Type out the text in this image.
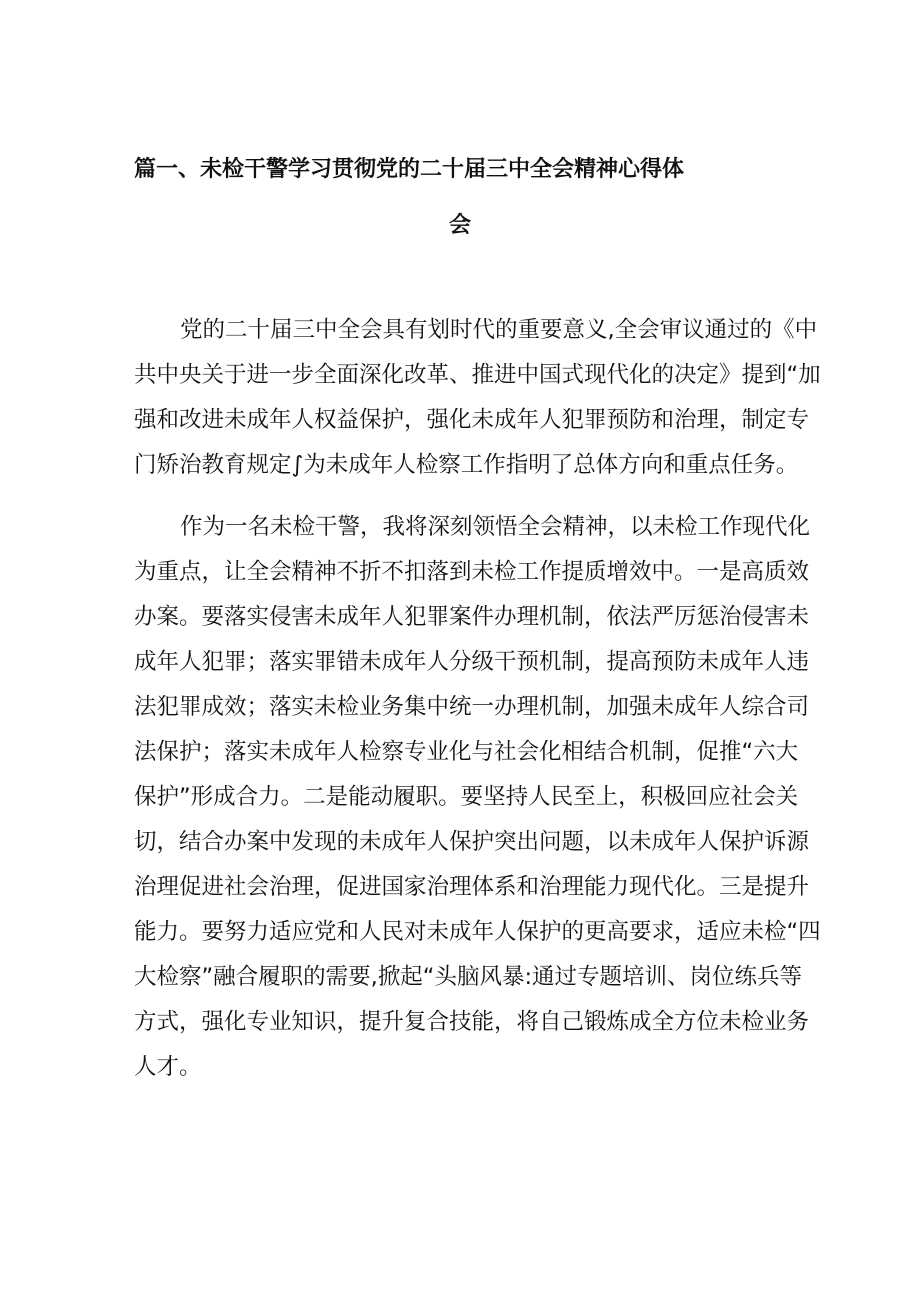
篇一、未检干警学习贯彻党的二十届三中全会精神心得体
会
党的二十届三中全会具有划时代的重要意义,全会审议通过的《中
共中央关于进一步全面深化改革、推进中国式现代化的决定》提到“加
强和改进未成年人权益保护，强化未成年人犯罪预防和治理，制定专
门矫治教育规定∫为未成年人检察工作指明了总体方向和重点任务。
作为一名未检干警，我将深刻领悟全会精神，以未检工作现代化
为重点，让全会精神不折不扣落到未检工作提质增效中。一是高质效
办案。要落实侵害未成年人犯罪案件办理机制，依法严厉惩治侵害未
成年人犯罪；落实罪错未成年人分级干预机制，提高预防未成年人违
法犯罪成效；落实未检业务集中统一办理机制，加强未成年人综合司
法保护；落实未成年人检察专业化与社会化相结合机制，促推“六大
保护”形成合力。二是能动履职。要坚持人民至上，积极回应社会关
切，结合办案中发现的未成年人保护突出问题，以未成年人保护诉源
治理促进社会治理，促进国家治理体系和治理能力现代化。三是提升
能力。要努力适应党和人民对未成年人保护的更高要求，适应未检“四
大检察”融合履职的需要,掀起“头脑风暴:通过专题培训、岗位练兵等
方式，强化专业知识，提升复合技能，将自己锻炼成全方位未检业务
人才。
